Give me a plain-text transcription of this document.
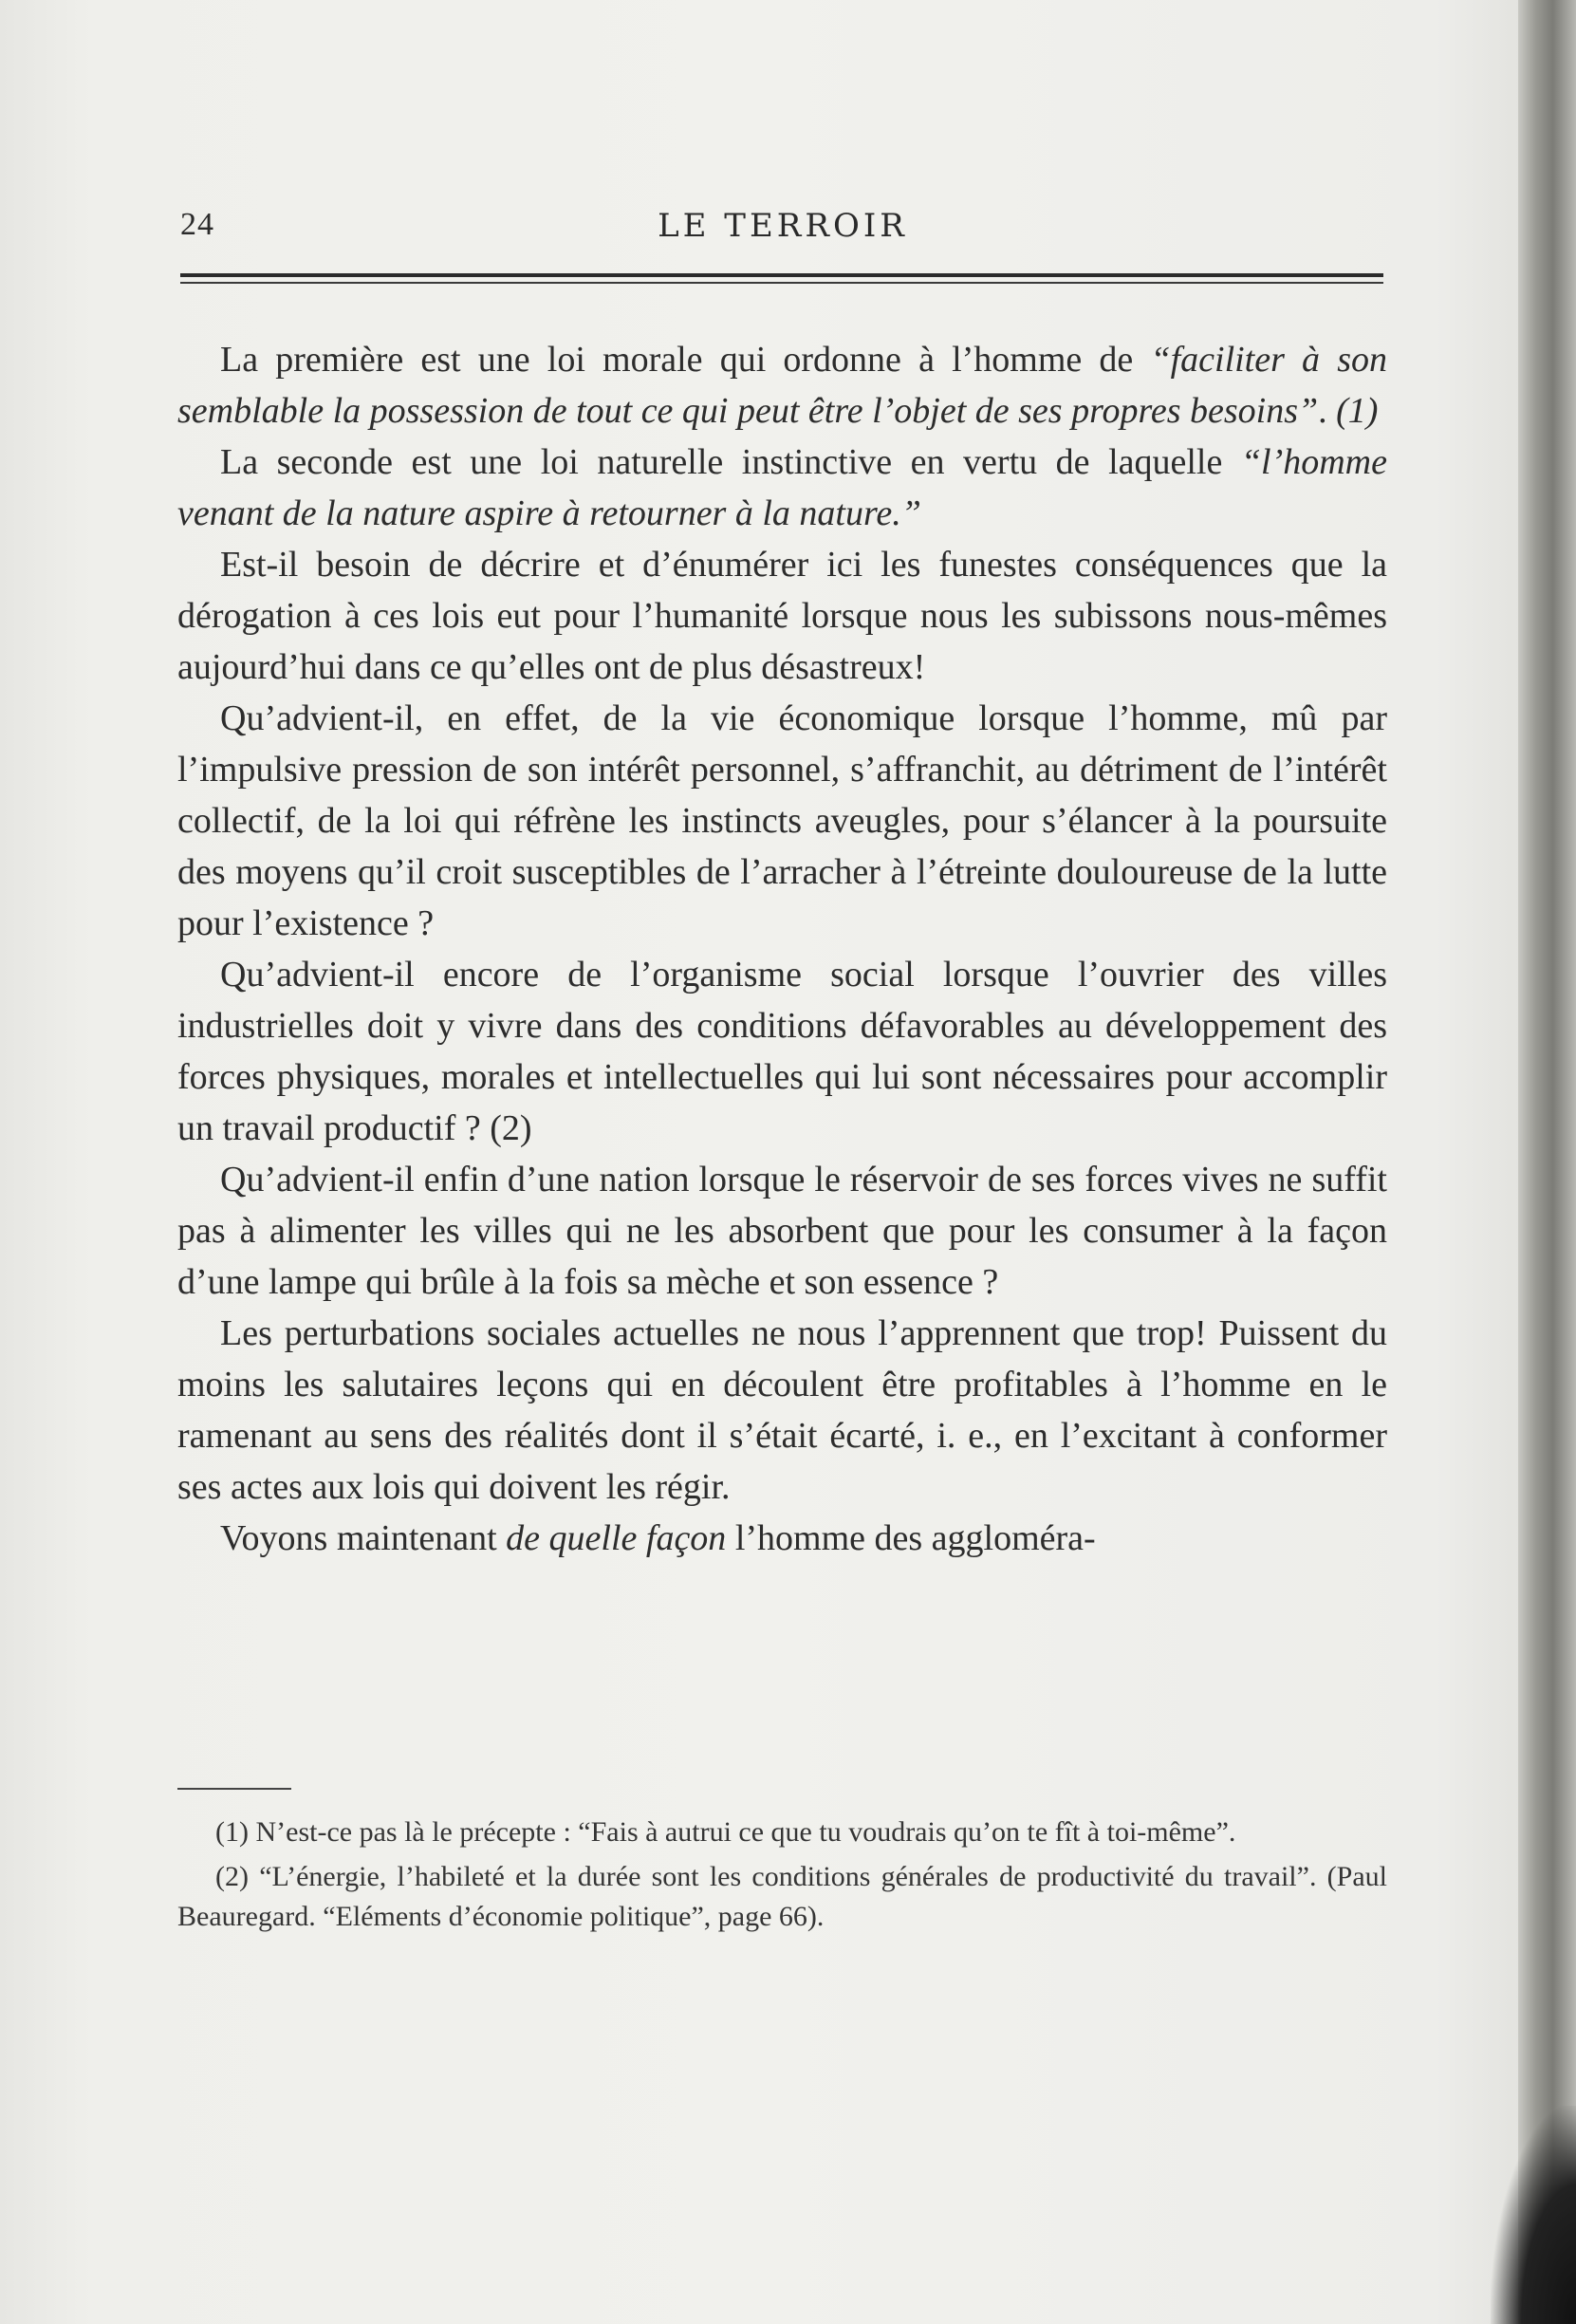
24	LE TERROIR

La première est une loi morale qui ordonne à l’homme de “faciliter à son semblable la possession de tout ce qui peut être l’objet de ses propres besoins”. (1)

La seconde est une loi naturelle instinctive en vertu de laquelle “l’homme venant de la nature aspire à retourner à la nature.”

Est-il besoin de décrire et d’énumérer ici les funestes conséquences que la dérogation à ces lois eut pour l’humanité lorsque nous les subissons nous-mêmes aujourd’hui dans ce qu’elles ont de plus désastreux!

Qu’advient-il, en effet, de la vie économique lorsque l’homme, mû par l’impulsive pression de son intérêt personnel, s’affranchit, au détriment de l’intérêt collectif, de la loi qui réfrène les instincts aveugles, pour s’élancer à la poursuite des moyens qu’il croit susceptibles de l’arracher à l’étreinte douloureuse de la lutte pour l’existence ?

Qu’advient-il encore de l’organisme social lorsque l’ouvrier des villes industrielles doit y vivre dans des conditions défavorables au développement des forces physiques, morales et intellectuelles qui lui sont nécessaires pour accomplir un travail productif ? (2)

Qu’advient-il enfin d’une nation lorsque le réservoir de ses forces vives ne suffit pas à alimenter les villes qui ne les absorbent que pour les consumer à la façon d’une lampe qui brûle à la fois sa mèche et son essence ?

Les perturbations sociales actuelles ne nous l’apprennent que trop! Puissent du moins les salutaires leçons qui en découlent être profitables à l’homme en le ramenant au sens des réalités dont il s’était écarté, i. e., en l’excitant à conformer ses actes aux lois qui doivent les régir.

Voyons maintenant de quelle façon l’homme des aggloméra-

(1) N’est-ce pas là le précepte : “Fais à autrui ce que tu voudrais qu’on te fît à toi-même”.

(2) “L’énergie, l’habileté et la durée sont les conditions générales de productivité du travail”. (Paul Beauregard. “Eléments d’économie politique”, page 66).
